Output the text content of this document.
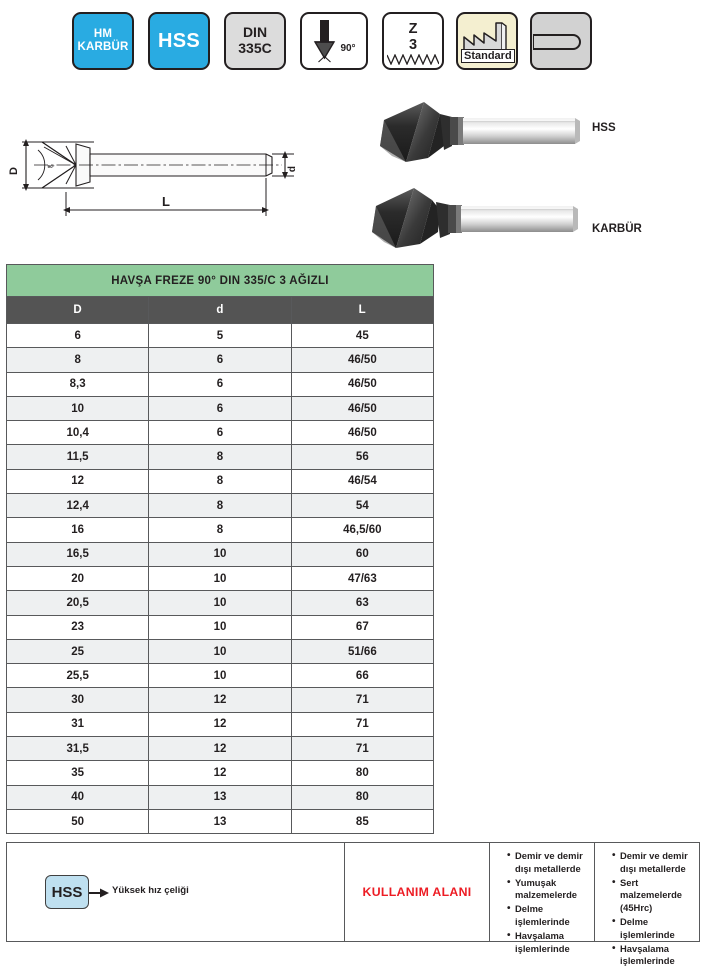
HM
KARBÜR HSS	DIN
335C	90°
Z
3
Standard
D	d
L
90°
HSS
KARBÜR
HAVŞA FREZE 90° DIN 335/C 3 AĞIZLI		
D	d	L
6	5	45
8	6	46/50
8,3	6	46/50
10	6	46/50
10,4	6	46/50
11,5	8	56
12	8	46/54
12,4	8	54
16	8	46,5/60
16,5	10	60
20	10	47/63
20,5	10	63
23	10	67
25	10	51/66
25,5	10	66
30	12	71
31	12	71
31,5	12	71
35	12	80
40	13	80
50	13	85
HSS	Yüksek hız çeliği	KULLANIM ALANI
• Demir ve demir dışı metallerde
• Yumuşak malzemelerde
• Delme işlemlerinde
• Havşalama işlemlerinde
• Demir ve demir dışı metallerde
• Sert malzemelerde (45Hrc)
• Delme işlemlerinde
• Havşalama işlemlerinde
